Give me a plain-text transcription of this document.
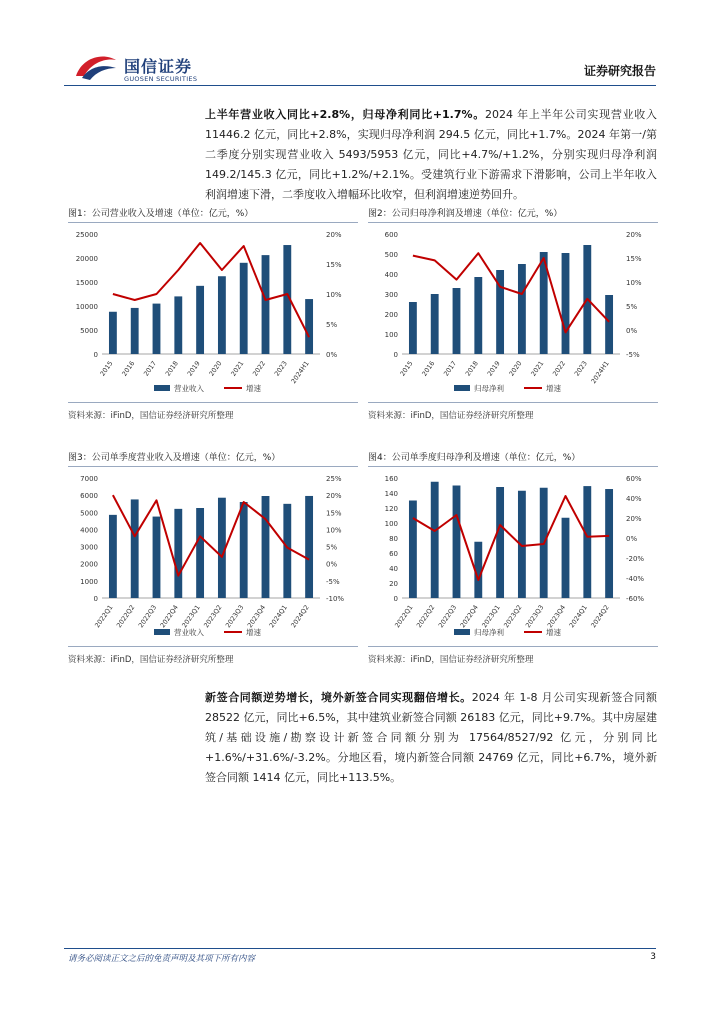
国信证券
GUOSEN SECURITIES
证券研究报告
上半年营业收入同比+2.8%，归母净利同比+1.7%。2024 年上半年公司实现营业收入 11446.2 亿元，同比+2.8%，实现归母净利润 294.5 亿元，同比+1.7%。2024 年第一/第二季度分别实现营业收入 5493/5953 亿元，同比+4.7%/+1.2%，分别实现归母净利润 149.2/145.3 亿元，同比+1.2%/+2.1%。受建筑行业下游需求下滑影响，公司上半年收入利润增速下滑，二季度收入增幅环比收窄，但利润增速逆势回升。
图1：公司营业收入及增速（单位：亿元，%）
0
5000
10000
15000
20000
25000
0%
5%
10%
15%
20%
2015 2016 2017 2018 2019 2020 2021 2022 2023 2024H1
营业收入	增速
资料来源：iFinD，国信证券经济研究所整理
图2：公司归母净利润及增速（单位：亿元，%）
0
100
200
300
400
500
600
-5%
0%
5%
10%
15%
20%
2015 2016 2017 2018 2019 2020 2021 2022 2023 2024H1
归母净利	增速
资料来源：iFinD，国信证券经济研究所整理
图3：公司单季度营业收入及增速（单位：亿元，%）
0
1000
2000
3000
4000
5000
6000
7000
-10%
-5%
0%
5%
10%
15%
20%
25%
2022Q1 2022Q2 2022Q3 2022Q4 2023Q1 2023Q2 2023Q3 2023Q4 2024Q1 2024Q2
营业收入	增速
资料来源：iFinD，国信证券经济研究所整理
图4：公司单季度归母净利及增速（单位：亿元，%）
0
20
40
60
80
100
120
140
160
-60%
-40%
-20%
0%
20%
40%
60%
2022Q1 2022Q2 2022Q3 2022Q4 2023Q1 2023Q2 2023Q3 2023Q4 2024Q1 2024Q2
归母净利	增速
资料来源：iFinD，国信证券经济研究所整理
新签合同额逆势增长，境外新签合同实现翻倍增长。2024 年 1-8 月公司实现新签合同额 28522 亿元，同比+6.5%，其中建筑业新签合同额 26183 亿元，同比+9.7%。其中房屋建筑/基础设施/勘察设计新签合同额分别为 17564/8527/92 亿元，分别同比+1.6%/+31.6%/-3.2%。分地区看，境内新签合同额 24769 亿元，同比+6.7%，境外新签合同额 1414 亿元，同比+113.5%。
请务必阅读正文之后的免责声明及其项下所有内容	3
